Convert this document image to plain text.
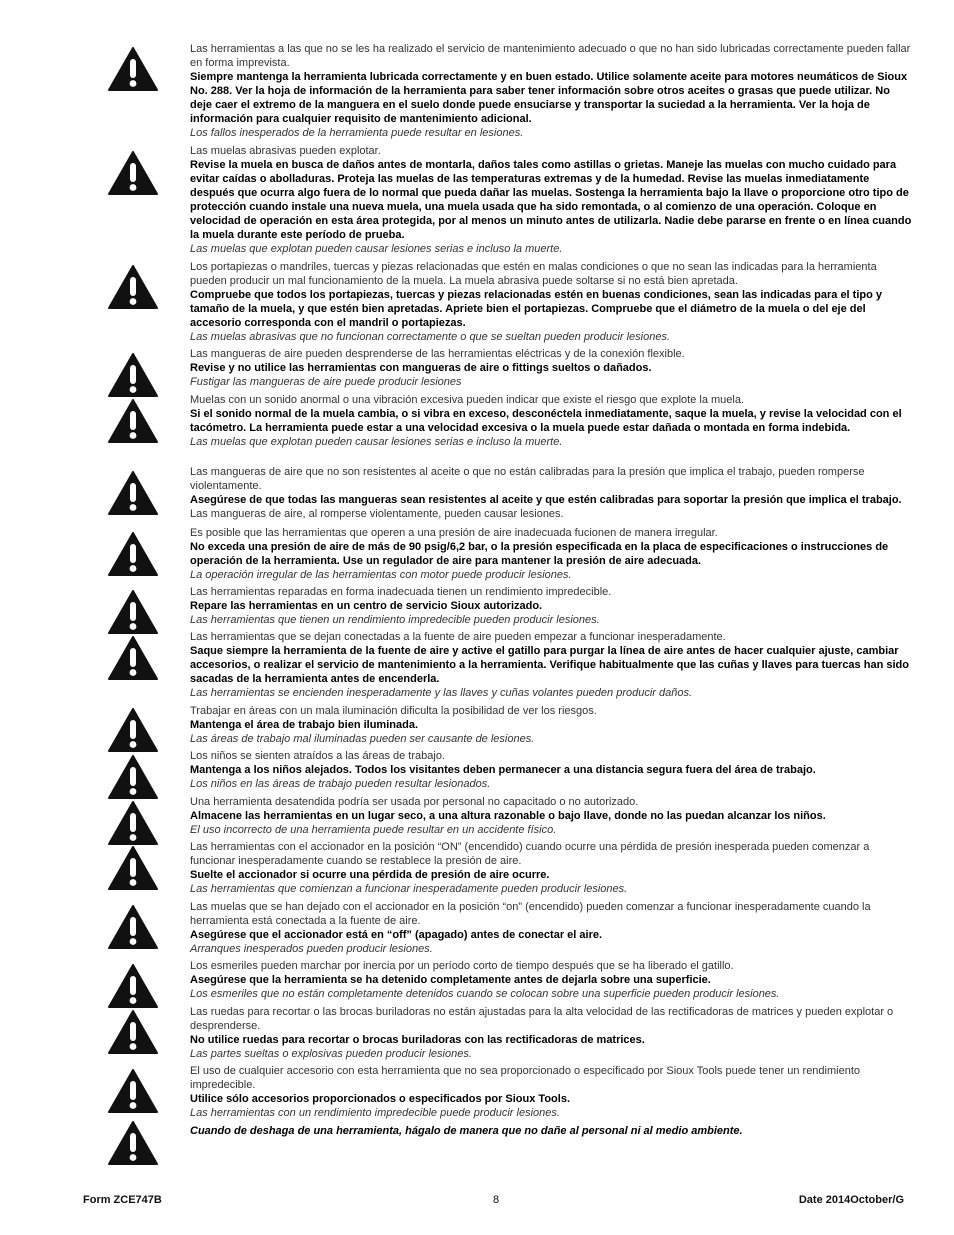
Las herramientas a las que no se les ha realizado el servicio de mantenimiento adecuado o que no han sido lubricadas correctamente pueden fallar en forma imprevista.

Siempre mantenga la herramienta lubricada correctamente y en buen estado. Utilice solamente aceite para motores neumáticos de Sioux No. 288. Ver la hoja de información de la herramienta para saber tener información sobre otros aceites o grasas que puede utilizar. No deje caer el extremo de la manguera en el suelo donde puede ensuciarse y transportar la suciedad a la herramienta. Ver la hoja de información para cualquier requisito de mantenimiento adicional.

Los fallos inesperados de la herramienta puede resultar en lesiones.

Las muelas abrasivas pueden explotar.

Revise la muela en busca de daños antes de montarla, daños tales como astillas o grietas. Maneje las muelas con mucho cuidado para evitar caídas o abolladuras. Proteja las muelas de las temperaturas extremas y de la humedad. Revise las muelas inmediatamente después que ocurra algo fuera de lo normal que pueda dañar las muelas. Sostenga la herramienta bajo la llave o proporcione otro tipo de protección cuando instale una nueva muela, una muela usada que ha sido remontada, o al comienzo de una operación. Coloque en velocidad de operación en esta área protegida, por al menos un minuto antes de utilizarla. Nadie debe pararse en frente o en línea cuando la muela durante este período de prueba.

Las muelas que explotan pueden causar lesiones serias e incluso la muerte.

Los portapiezas o mandriles, tuercas y piezas relacionadas que estén en malas condiciones o que no sean las indicadas para la herramienta pueden producir un mal funcionamiento de la muela. La muela abrasiva puede soltarse si no está bien apretada.

Compruebe que todos los portapiezas, tuercas y piezas relacionadas estén en buenas condiciones, sean las indicadas para el tipo y tamaño de la muela, y que estén bien apretadas. Apriete bien el portapiezas. Compruebe que el diámetro de la muela o del eje del accesorio corresponda con el mandril o portapiezas.

Las muelas abrasivas que no funcionan correctamente o que se sueltan pueden producir lesiones.

Las mangueras de aire pueden desprenderse de las herramientas eléctricas y de la conexión flexible.

Revise y no utilice las herramientas con mangueras de aire o fittings sueltos o dañados.

Fustigar las mangueras de aire puede producir lesiones

Muelas con un sonido anormal o una vibración excesiva pueden indicar que existe el riesgo que explote la muela.

Si el sonido normal de la muela cambia, o si vibra en exceso, desconéctela inmediatamente, saque la muela, y revise la velocidad con el tacómetro. La herramienta puede estar a una velocidad excesiva o la muela puede estar dañada o montada en forma indebida.

Las muelas que explotan pueden causar lesiones serias e incluso la muerte.

Las mangueras de aire que no son resistentes al aceite o que no están calibradas para la presión que implica el trabajo, pueden romperse violentamente.

Asegúrese de que todas las mangueras sean resistentes al aceite y que estén calibradas para soportar la presión que implica el trabajo.

Las mangueras de aire, al romperse violentamente, pueden causar lesiones.

Es posible que las herramientas que operen a una presión de aire inadecuada fucionen de manera irregular.

No exceda una presión de aire de más de 90 psig/6,2 bar, o la presión especificada en la placa de especificaciones o instrucciones de operación de la herramienta. Use un regulador de aire para mantener la presión de aire adecuada.

La operación irregular de las herramientas con motor puede producir lesiones.

Las herramientas reparadas en forma inadecuada tienen un rendimiento impredecible.

Repare las herramientas en un centro de servicio Sioux autorizado.

Las herramientas que tienen un rendimiento impredecible pueden producir lesiones.

Las herramientas que se dejan conectadas a la fuente de aire pueden empezar a funcionar inesperadamente.

Saque siempre la herramienta de la fuente de aire y active el gatillo para purgar la línea de aire antes de hacer cualquier ajuste, cambiar accesorios, o realizar el servicio de mantenimiento a la herramienta. Verifique habitualmente que las cuñas y llaves para tuercas han sido sacadas de la herramienta antes de encenderla.

Las herramientas se encienden inesperadamente y las llaves y cuñas volantes pueden producir daños.

Trabajar en áreas con un mala iluminación dificulta la posibilidad de ver los riesgos.

Mantenga el área de trabajo bien iluminada.

Las áreas de trabajo mal iluminadas pueden ser causante de lesiones.

Los niños se sienten atraídos a las áreas de trabajo.

Mantenga a los niños alejados. Todos los visitantes deben permanecer a una distancia segura fuera del área de trabajo.

Los niños en las áreas de trabajo pueden resultar lesionados.

Una herramienta desatendida podría ser usada por personal no capacitado o no autorizado.

Almacene las herramientas en un lugar seco, a una altura razonable o bajo llave, donde no las puedan alcanzar los niños.

El uso incorrecto de una herramienta puede resultar en un accidente físico.

Las herramientas con el accionador en la posición “ON” (encendido) cuando ocurre una pérdida de presión inesperada pueden comenzar a funcionar inesperadamente cuando se restablece la presión de aire.

Suelte el accionador si ocurre una pérdida de presión de aire ocurre.

Las herramientas que comienzan a funcionar inesperadamente pueden producir lesiones.

Las muelas que se han dejado con el accionador en la posición “on” (encendido) pueden comenzar a funcionar inesperadamente cuando la herramienta está conectada a la fuente de aire.

Asegúrese que el accionador está en “off” (apagado) antes de conectar el aire.

Arranques inesperados pueden producir lesiones.

Los esmeriles pueden marchar por inercia por un período corto de tiempo después que se ha liberado el gatillo.

Asegúrese que la herramienta se ha detenido completamente antes de dejarla sobre una superficie.

Los esmeriles que no están completamente detenidos cuando se colocan sobre una superficie pueden producir lesiones.

Las ruedas para recortar o las brocas buriladoras no están ajustadas para la alta velocidad de las rectificadoras de matrices y pueden explotar o desprenderse.

No utilice ruedas para recortar o brocas buriladoras con las rectificadoras de matrices.

Las partes sueltas o explosivas pueden producir lesiones.

El uso de cualquier accesorio con esta herramienta que no sea proporcionado o especificado por Sioux Tools puede tener un rendimiento impredecible.

Utilice sólo accesorios proporcionados o especificados por Sioux Tools.

Las herramientas con un rendimiento impredecible puede producir lesiones.

Cuando de deshaga de una herramienta, hágalo de manera que no dañe al personal ni al medio ambiente.

Form ZCE747B	8	Date 2014October/G
